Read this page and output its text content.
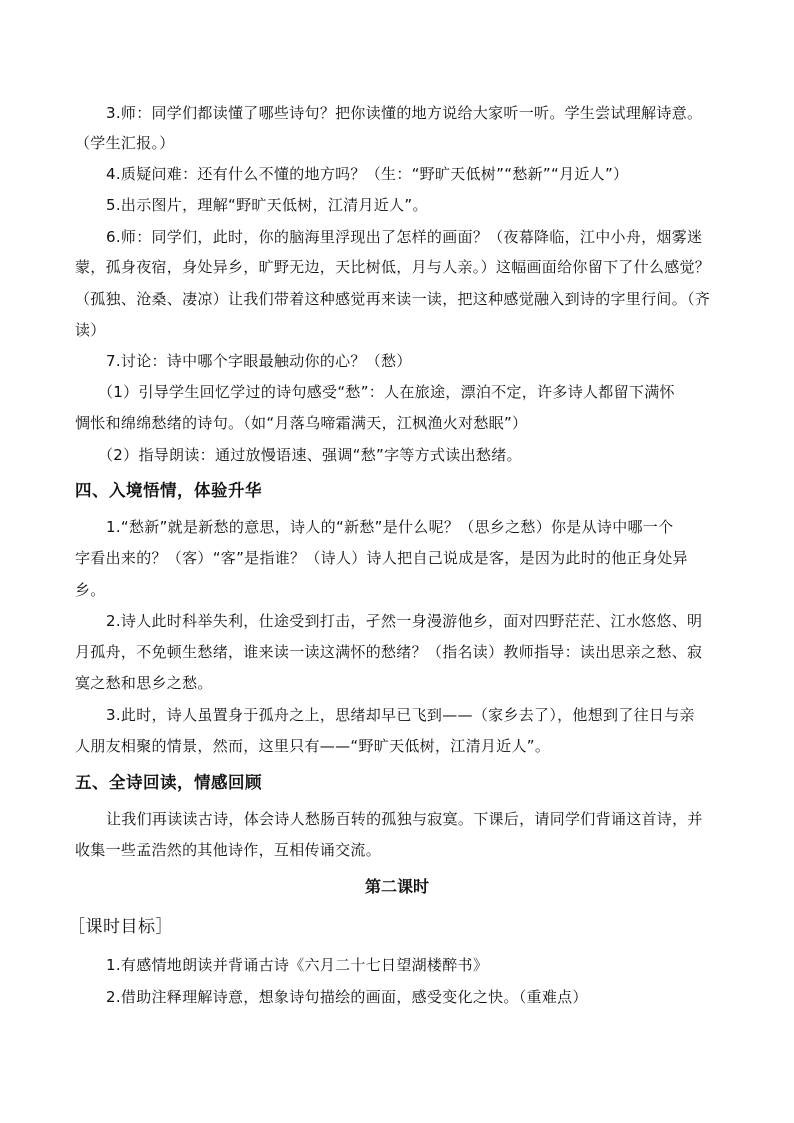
3.师：同学们都读懂了哪些诗句？把你读懂的地方说给大家听一听。学生尝试理解诗意。
（学生汇报。）
4.质疑问难：还有什么不懂的地方吗？（生：“野旷天低树”“愁新”“月近人”）
5.出示图片，理解“野旷天低树，江清月近人”。
6.师：同学们，此时，你的脑海里浮现出了怎样的画面？（夜幕降临，江中小舟，烟雾迷
蒙，孤身夜宿，身处异乡，旷野无边，天比树低，月与人亲。）这幅画面给你留下了什么感觉？
（孤独、沧桑、凄凉）让我们带着这种感觉再来读一读，把这种感觉融入到诗的字里行间。（齐
读）
7.讨论：诗中哪个字眼最触动你的心？（愁）
（1）引导学生回忆学过的诗句感受“愁”：人在旅途，漂泊不定，许多诗人都留下满怀
惆怅和绵绵愁绪的诗句。（如“月落乌啼霜满天，江枫渔火对愁眠”）
（2）指导朗读：通过放慢语速、强调“愁”字等方式读出愁绪。
四、入境悟情，体验升华
1.“愁新”就是新愁的意思，诗人的“新愁”是什么呢？（思乡之愁）你是从诗中哪一个
字看出来的？（客）“客”是指谁？（诗人）诗人把自己说成是客，是因为此时的他正身处异
乡。
2.诗人此时科举失利，仕途受到打击，孑然一身漫游他乡，面对四野茫茫、江水悠悠、明
月孤舟，不免顿生愁绪，谁来读一读这满怀的愁绪？（指名读）教师指导：读出思亲之愁、寂
寞之愁和思乡之愁。
3.此时，诗人虽置身于孤舟之上，思绪却早已飞到——（家乡去了），他想到了往日与亲
人朋友相聚的情景，然而，这里只有——“野旷天低树，江清月近人”。
五、全诗回读，情感回顾
让我们再读读古诗，体会诗人愁肠百转的孤独与寂寞。下课后，请同学们背诵这首诗，并
收集一些孟浩然的其他诗作，互相传诵交流。
第二课时
［课时目标］
1.有感情地朗读并背诵古诗《六月二十七日望湖楼醉书》
2.借助注释理解诗意，想象诗句描绘的画面，感受变化之快。（重难点）
